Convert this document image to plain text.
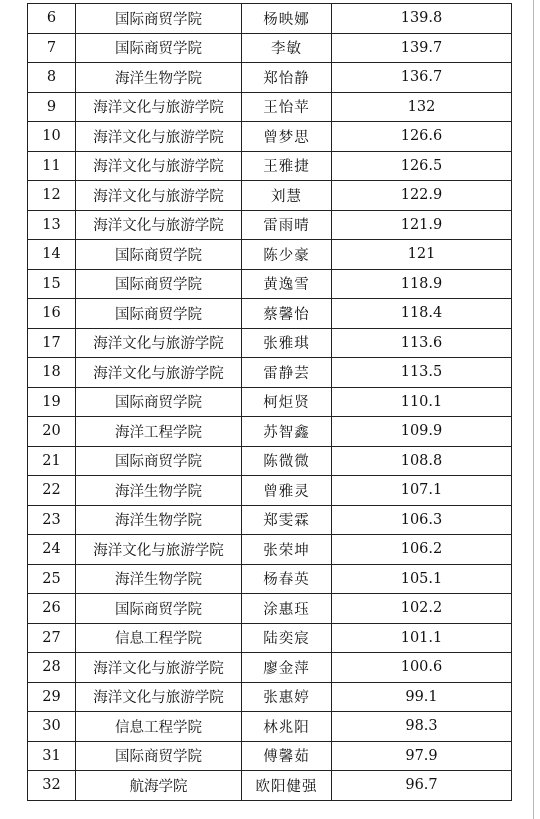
6	国际商贸学院	杨映娜	139.8
7	国际商贸学院	李敏	139.7
8	海洋生物学院	郑怡静	136.7
9	海洋文化与旅游学院	王怡苹	132
10	海洋文化与旅游学院	曾梦思	126.6
11	海洋文化与旅游学院	王雅捷	126.5
12	海洋文化与旅游学院	刘慧	122.9
13	海洋文化与旅游学院	雷雨晴	121.9
14	国际商贸学院	陈少豪	121
15	国际商贸学院	黄逸雪	118.9
16	国际商贸学院	蔡馨怡	118.4
17	海洋文化与旅游学院	张雅琪	113.6
18	海洋文化与旅游学院	雷静芸	113.5
19	国际商贸学院	柯炬贤	110.1
20	海洋工程学院	苏智鑫	109.9
21	国际商贸学院	陈微微	108.8
22	海洋生物学院	曾雅灵	107.1
23	海洋生物学院	郑雯霖	106.3
24	海洋文化与旅游学院	张荣坤	106.2
25	海洋生物学院	杨春英	105.1
26	国际商贸学院	涂惠珏	102.2
27	信息工程学院	陆奕宸	101.1
28	海洋文化与旅游学院	廖金萍	100.6
29	海洋文化与旅游学院	张惠婷	99.1
30	信息工程学院	林兆阳	98.3
31	国际商贸学院	傅馨茹	97.9
32	航海学院	欧阳健强	96.7
